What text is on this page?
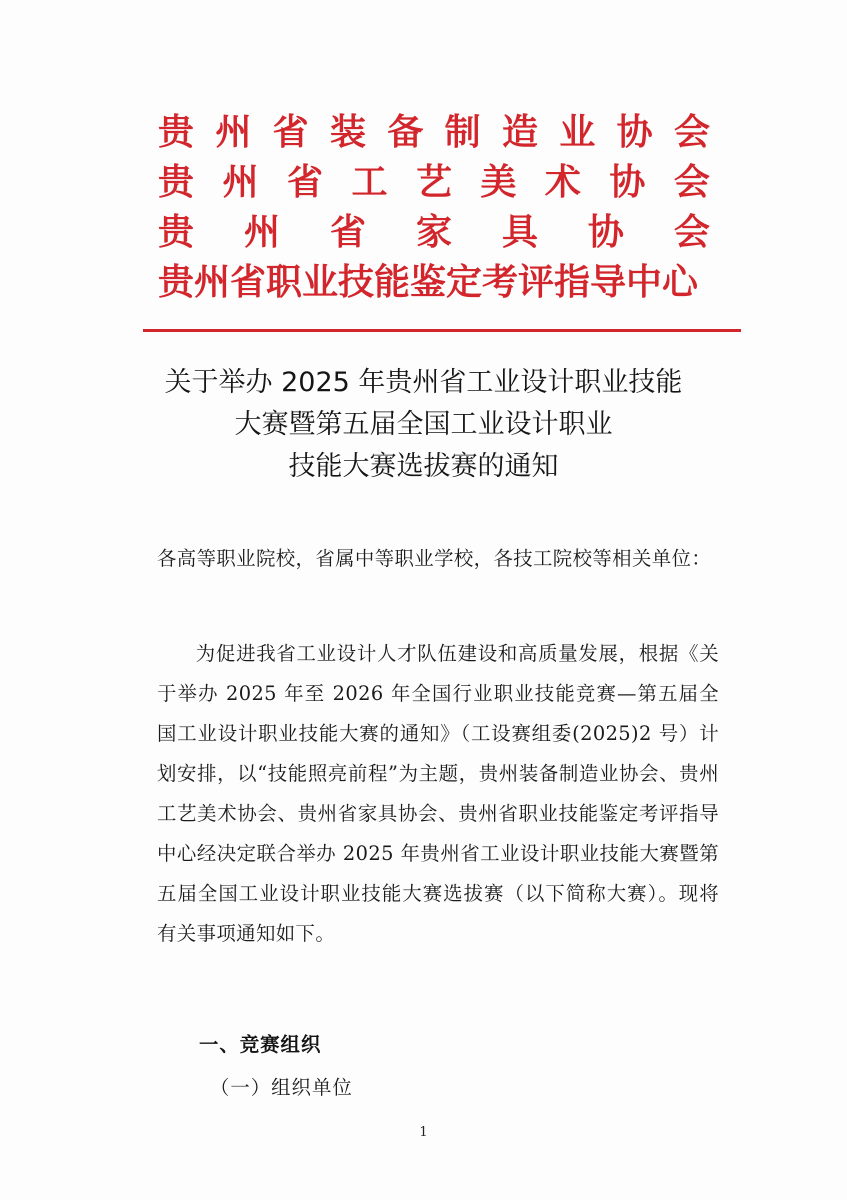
贵 州 省 装 备 制 造 业 协 会
贵 州 省 工 艺 美 术 协 会
贵 州 省 家 具 协 会
贵州省职业技能鉴定考评指导中心
关于举办 2025 年贵州省工业设计职业技能
大赛暨第五届全国工业设计职业
技能大赛选拔赛的通知
各高等职业院校，省属中等职业学校，各技工院校等相关单位：
为促进我省工业设计人才队伍建设和高质量发展，根据《关于举办 2025 年至 2026 年全国行业职业技能竞赛—第五届全国工业设计职业技能大赛的通知》（工设赛组委(2025)2 号）计划安排，以“技能照亮前程”为主题，贵州装备制造业协会、贵州工艺美术协会、贵州省家具协会、贵州省职业技能鉴定考评指导中心经决定联合举办 2025 年贵州省工业设计职业技能大赛暨第五届全国工业设计职业技能大赛选拔赛（以下简称大赛）。现将有关事项通知如下。
一、竞赛组织
（一）组织单位
1
